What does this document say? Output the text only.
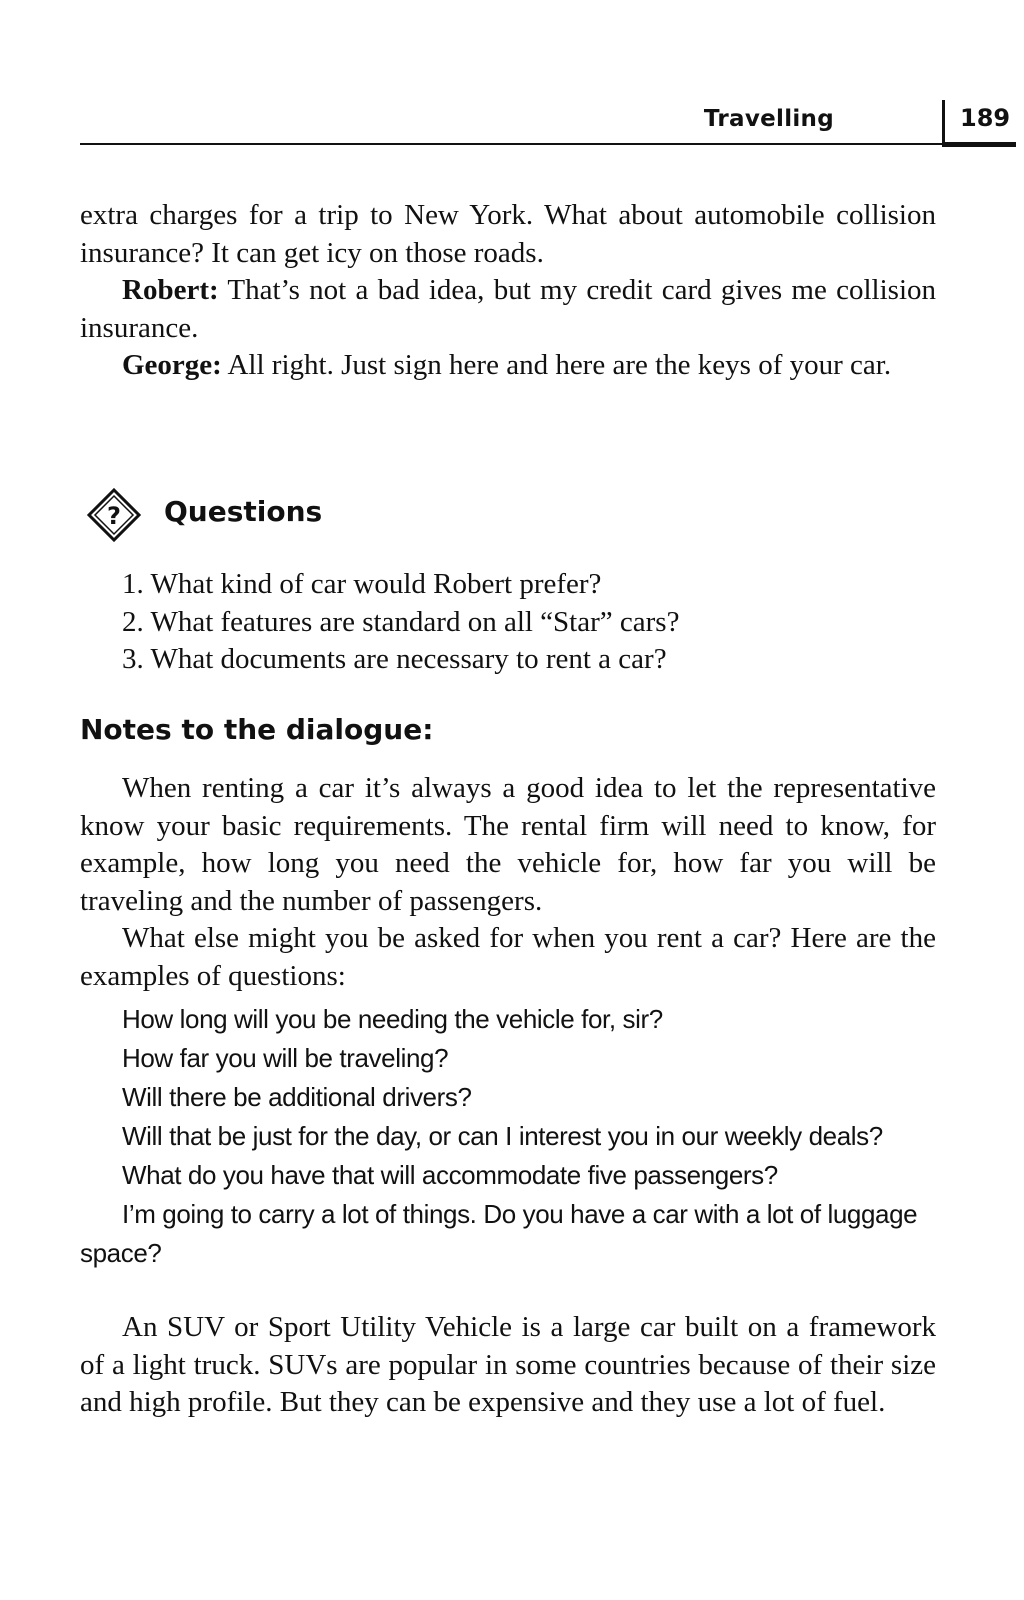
Travelling	189

extra charges for a trip to New York. What about automobile collision insurance? It can get icy on those roads.

Robert: That’s not a bad idea, but my credit card gives me collision insurance.

George: All right. Just sign here and here are the keys of your car.

? Questions
1. What kind of car would Robert prefer?
2. What features are standard on all “Star” cars?
3. What documents are necessary to rent a car?
Notes to the dialogue:

When renting a car it’s always a good idea to let the representative know your basic requirements. The rental firm will need to know, for example, how long you need the vehicle for, how far you will be traveling and the number of passengers.

What else might you be asked for when you rent a car? Here are the examples of questions:

How long will you be needing the vehicle for, sir?

How far you will be traveling?

Will there be additional drivers?

Will that be just for the day, or can I interest you in our weekly deals?

What do you have that will accommodate five passengers?

I’m going to carry a lot of things. Do you have a car with a lot of luggage space?

An SUV or Sport Utility Vehicle is a large car built on a framework of a light truck. SUVs are popular in some countries because of their size and high profile. But they can be expensive and they use a lot of fuel.
